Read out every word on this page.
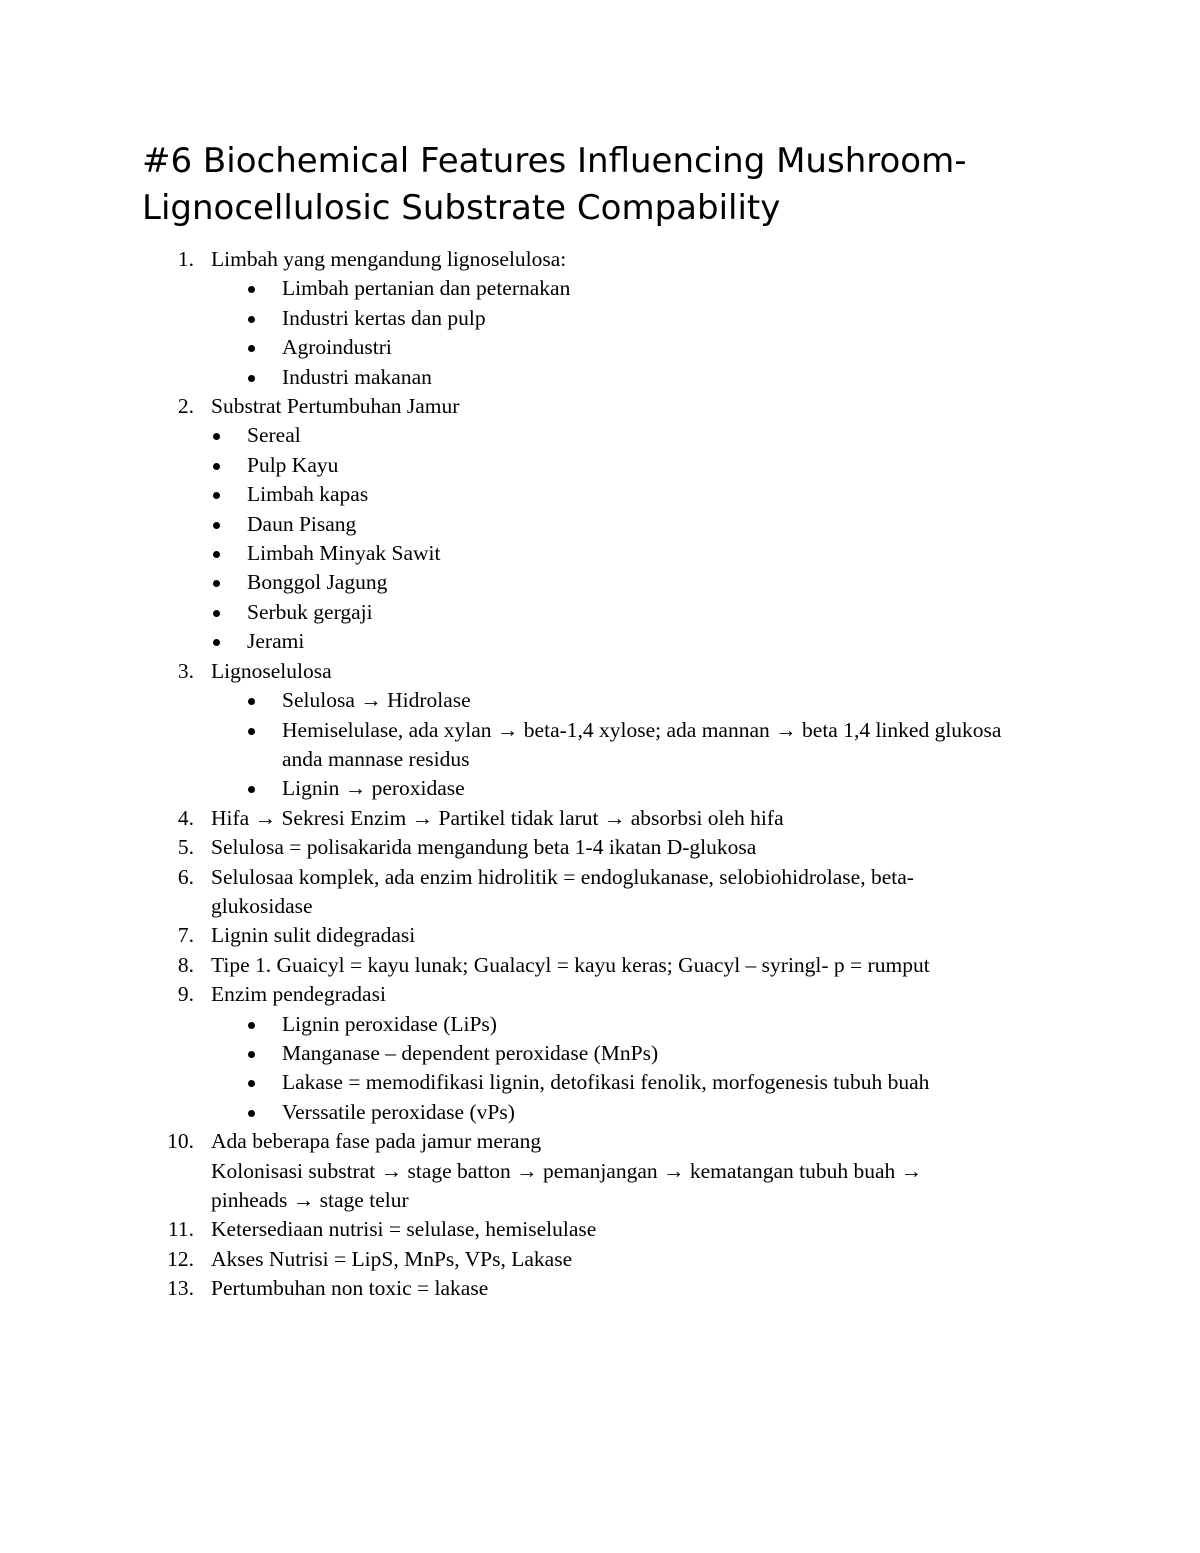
#6 Biochemical Features Influencing Mushroom-Lignocellulosic Substrate Compability
1. Limbah yang mengandung lignoselulosa:
Limbah pertanian dan peternakan
Industri kertas dan pulp
Agroindustri
Industri makanan
2. Substrat Pertumbuhan Jamur
Sereal
Pulp Kayu
Limbah kapas
Daun Pisang
Limbah Minyak Sawit
Bonggol Jagung
Serbuk gergaji
Jerami
3. Lignoselulosa
Selulosa → Hidrolase
Hemiselulase, ada xylan → beta-1,4 xylose; ada mannan → beta 1,4 linked glukosa anda mannase residus
Lignin → peroxidase
4. Hifa → Sekresi Enzim → Partikel tidak larut → absorbsi oleh hifa
5. Selulosa = polisakarida mengandung beta 1-4 ikatan D-glukosa
6. Selulosaa komplek, ada enzim hidrolitik = endoglukanase, selobiohidrolase, beta-glukosidase
7. Lignin sulit didegradasi
8. Tipe 1. Guaicyl = kayu lunak; Gualacyl = kayu keras; Guacyl – syringl- p = rumput
9. Enzim pendegradasi
Lignin peroxidase (LiPs)
Manganase – dependent peroxidase (MnPs)
Lakase = memodifikasi lignin, detofikasi fenolik, morfogenesis tubuh buah
Verssatile peroxidase (vPs)
10. Ada beberapa fase pada jamur merang
Kolonisasi substrat → stage batton → pemanjangan → kematangan tubuh buah → pinheads → stage telur
11. Ketersediaan nutrisi = selulase, hemiselulase
12. Akses Nutrisi = LipS, MnPs, VPs, Lakase
13. Pertumbuhan non toxic = lakase
